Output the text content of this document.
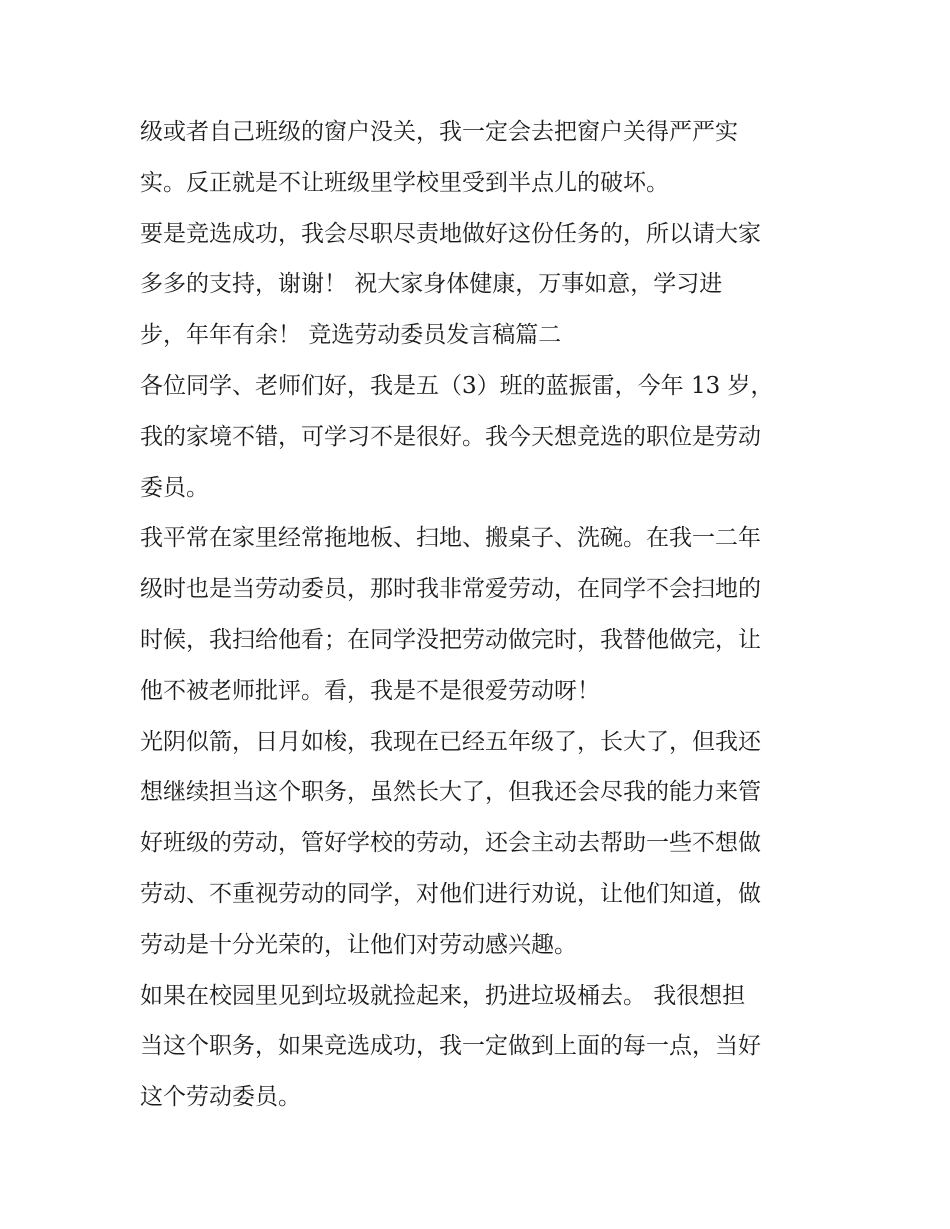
级或者自己班级的窗户没关，我一定会去把窗户关得严严实
实。反正就是不让班级里学校里受到半点儿的破坏。
要是竞选成功，我会尽职尽责地做好这份任务的，所以请大家
多多的支持，谢谢！ 祝大家身体健康，万事如意，学习进
步，年年有余！ 竞选劳动委员发言稿篇二
各位同学、老师们好，我是五（3）班的蓝振雷，今年 13 岁，
我的家境不错，可学习不是很好。我今天想竞选的职位是劳动
委员。
我平常在家里经常拖地板、扫地、搬桌子、洗碗。在我一二年
级时也是当劳动委员，那时我非常爱劳动，在同学不会扫地的
时候，我扫给他看；在同学没把劳动做完时，我替他做完，让
他不被老师批评。看，我是不是很爱劳动呀！
光阴似箭，日月如梭，我现在已经五年级了，长大了，但我还
想继续担当这个职务，虽然长大了，但我还会尽我的能力来管
好班级的劳动，管好学校的劳动，还会主动去帮助一些不想做
劳动、不重视劳动的同学，对他们进行劝说，让他们知道，做
劳动是十分光荣的，让他们对劳动感兴趣。
如果在校园里见到垃圾就捡起来，扔进垃圾桶去。 我很想担
当这个职务，如果竞选成功，我一定做到上面的每一点，当好
这个劳动委员。
